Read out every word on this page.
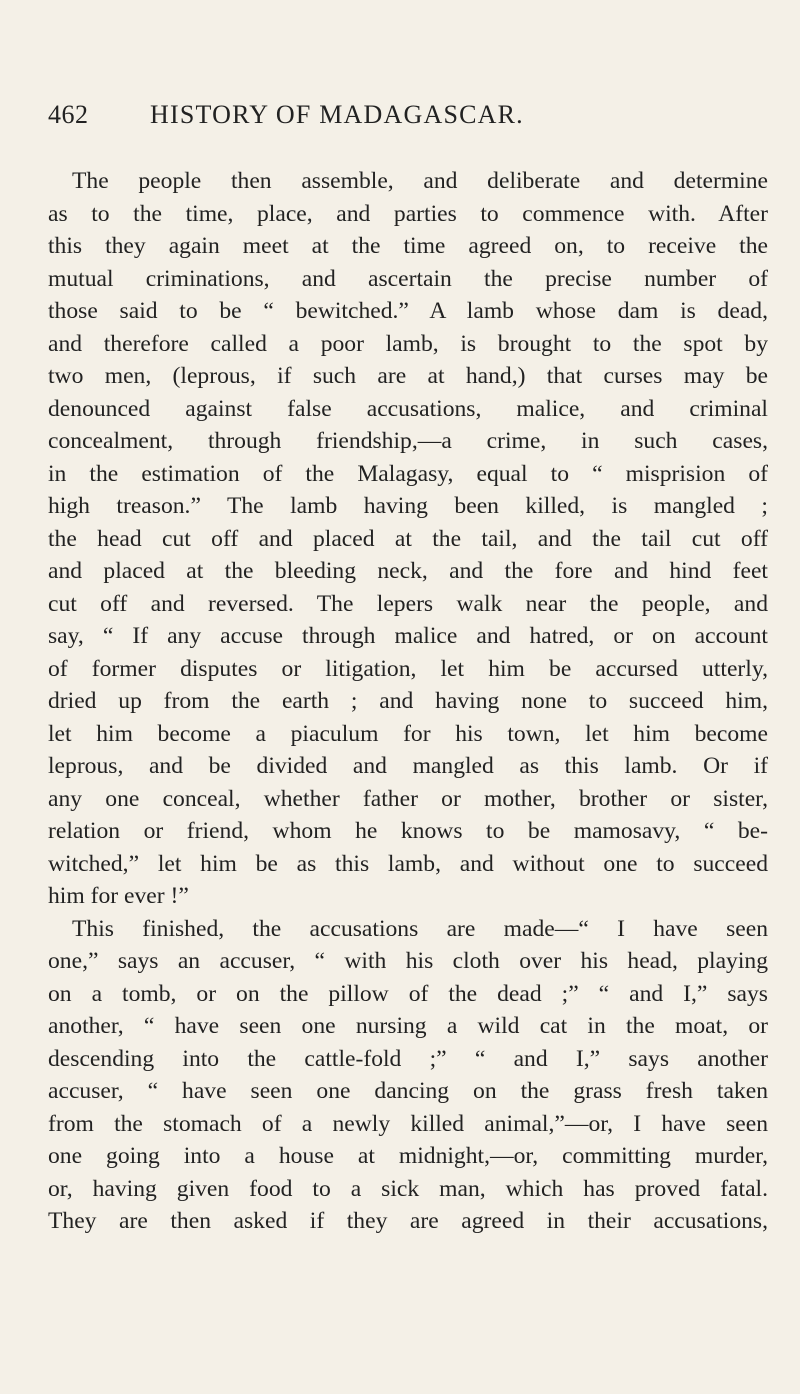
462 HISTORY OF MADAGASCAR.
The people then assemble, and deliberate and determine
as to the time, place, and parties to commence with. After
this they again meet at the time agreed on, to receive the
mutual criminations, and ascertain the precise number of
those said to be “ bewitched.” A lamb whose dam is dead,
and therefore called a poor lamb, is brought to the spot by
two men, (leprous, if such are at hand,) that curses may be
denounced against false accusations, malice, and criminal
concealment, through friendship,—a crime, in such cases,
in the estimation of the Malagasy, equal to “ misprision of
high treason.” The lamb having been killed, is mangled ;
the head cut off and placed at the tail, and the tail cut off
and placed at the bleeding neck, and the fore and hind feet
cut off and reversed. The lepers walk near the people, and
say, “ If any accuse through malice and hatred, or on account
of former disputes or litigation, let him be accursed utterly,
dried up from the earth ; and having none to succeed him,
let him become a piaculum for his town, let him become
leprous, and be divided and mangled as this lamb. Or if
any one conceal, whether father or mother, brother or sister,
relation or friend, whom he knows to be mamosavy, “ be-
witched,” let him be as this lamb, and without one to succeed
him for ever !”
This finished, the accusations are made—“ I have seen
one,” says an accuser, “ with his cloth over his head, playing
on a tomb, or on the pillow of the dead ;” “ and I,” says
another, “ have seen one nursing a wild cat in the moat, or
descending into the cattle-fold ;” “ and I,” says another
accuser, “ have seen one dancing on the grass fresh taken
from the stomach of a newly killed animal,”—or, I have seen
one going into a house at midnight,—or, committing murder,
or, having given food to a sick man, which has proved fatal.
They are then asked if they are agreed in their accusations,
